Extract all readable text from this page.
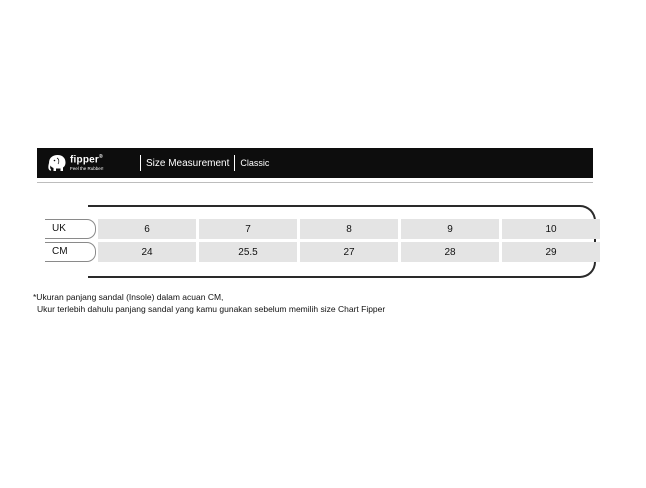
fipper®
Feel the Rubber!	Size Measurement Classic
UK	6	7	8	9	10
CM	24	25.5	27	28	29
*Ukuran panjang sandal (Insole) dalam acuan CM,
Ukur terlebih dahulu panjang sandal yang kamu gunakan sebelum memilih size Chart Fipper
